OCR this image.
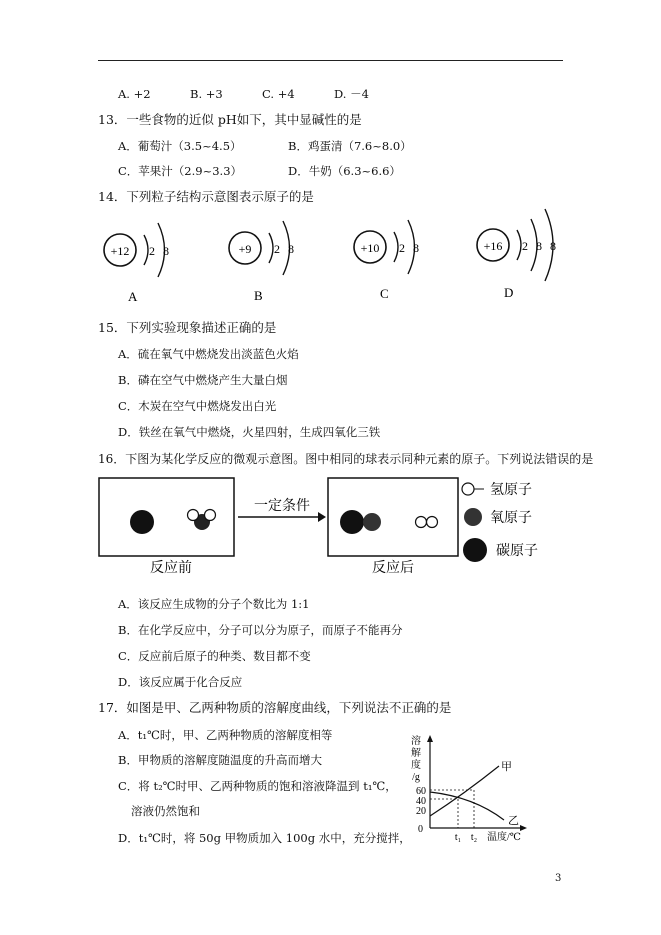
A. +2	B. +3	C. +4	D. －4
13．一些食物的近似 pH如下，其中显碱性的是
A．葡萄汁（3.5~4.5）	B．鸡蛋清（7.6~8.0）
C．苹果汁（2.9~3.3）	D．牛奶（6.3~6.6）
14．下列粒子结构示意图表示原子的是
+12 2 8
A
+9 2 8
B
+10 2 8
C
+16 2 8 8
D
15．下列实验现象描述正确的是
A．硫在氧气中燃烧发出淡蓝色火焰
B．磷在空气中燃烧产生大量白烟
C．木炭在空气中燃烧发出白光
D．铁丝在氧气中燃烧，火星四射，生成四氧化三铁
16．下图为某化学反应的微观示意图。图中相同的球表示同种元素的原子。下列说法错误的是
反应前
一定条件
反应后
氢原子
氧原子
碳原子
A．该反应生成物的分子个数比为 1:1
B．在化学反应中，分子可以分为原子，而原子不能再分
C．反应前后原子的种类、数目都不变
D．该反应属于化合反应
17．如图是甲、乙两种物质的溶解度曲线，下列说法不正确的是
A．t₁℃时，甲、乙两种物质的溶解度相等
B．甲物质的溶解度随温度的升高而增大
C．将 t₂℃时甲、乙两种物质的饱和溶液降温到 t₁℃，
溶液仍然饱和
D．t₁℃时，将 50g 甲物质加入 100g 水中，充分搅拌，
溶
解
度
/g
0
60
40
20
甲
乙
t₁ t₂ 温度/℃
3
